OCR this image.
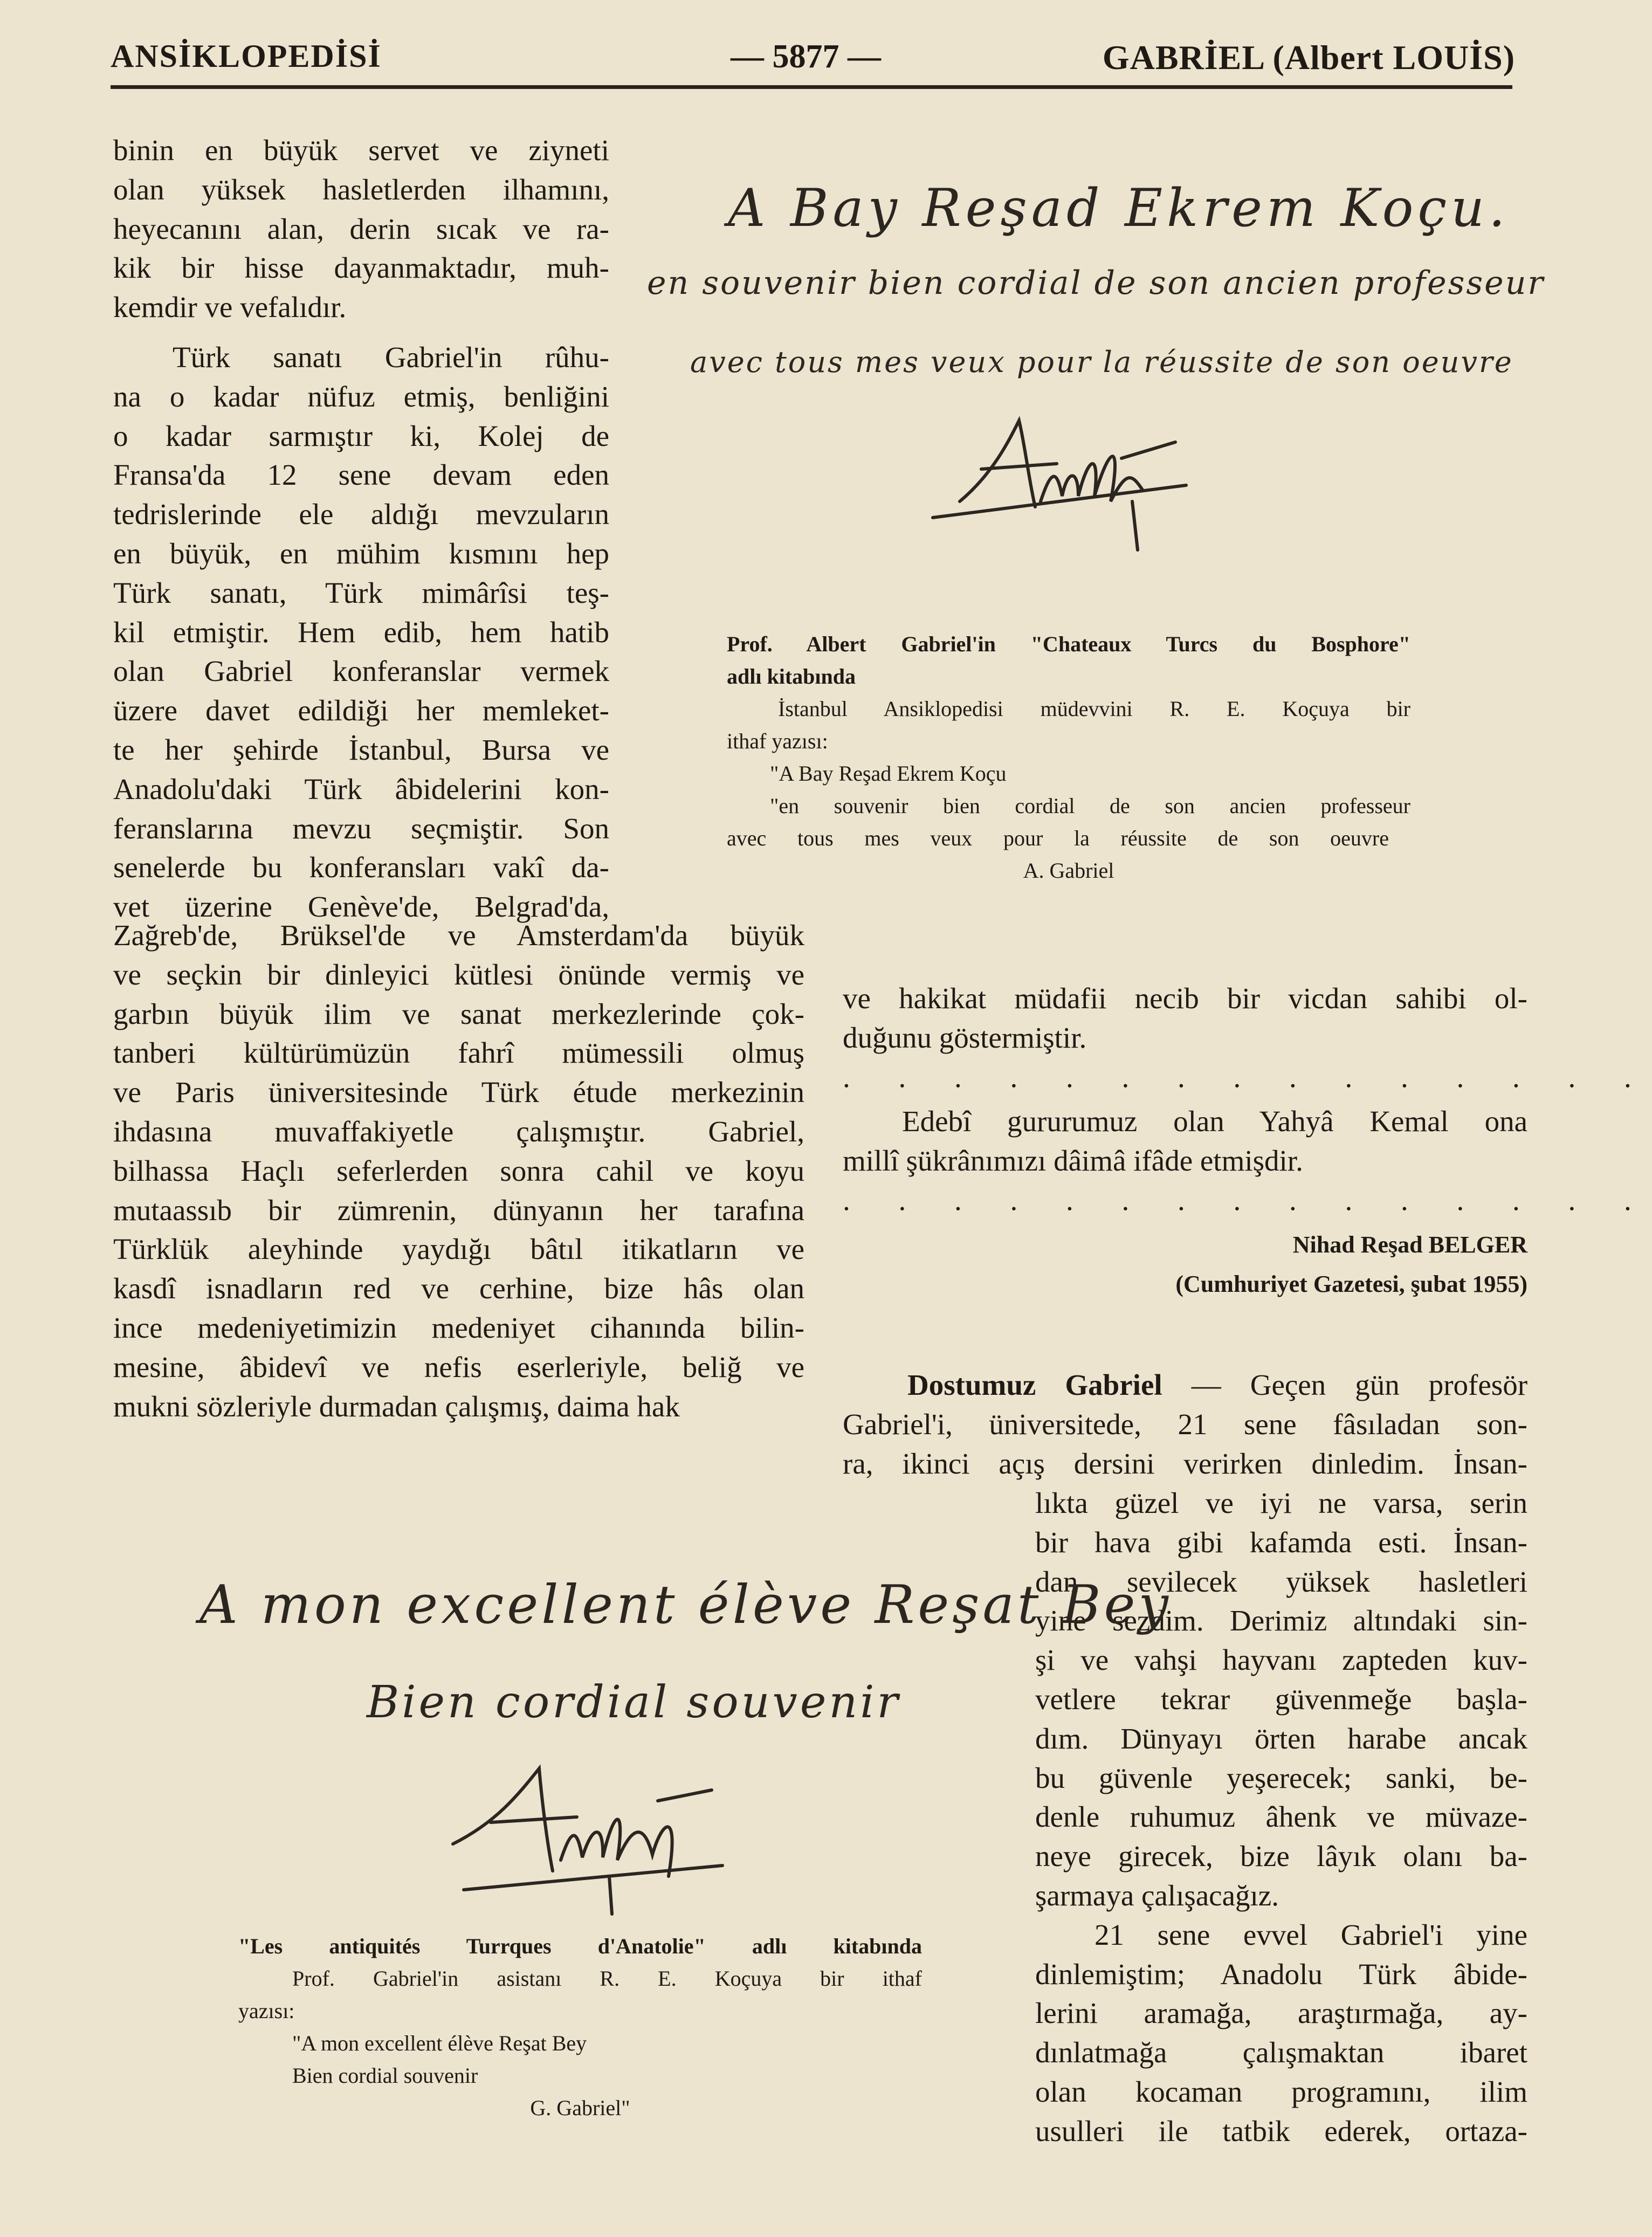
ANSİKLOPEDİSİ	— 5877 —	GABRİEL (Albert LOUİS)
binin en büyük servet ve ziyneti
olan yüksek hasletlerden ilhamını,
heyecanını alan, derin sıcak ve ra-
kik bir hisse dayanmaktadır, muh-
kemdir ve vefalıdır.
Türk sanatı Gabriel'in rûhu-
na o kadar nüfuz etmiş, benliğini
o kadar sarmıştır ki, Kolej de
Fransa'da 12 sene devam eden
tedrislerinde ele aldığı mevzuların
en büyük, en mühim kısmını hep
Türk sanatı, Türk mimârîsi teş-
kil etmiştir. Hem edib, hem hatib
olan Gabriel konferanslar vermek
üzere davet edildiği her memleket-
te her şehirde İstanbul, Bursa ve
Anadolu'daki Türk âbidelerini kon-
feranslarına mevzu seçmiştir. Son
senelerde bu konferansları vakî da-
vet üzerine Genève'de, Belgrad'da,
Zağreb'de, Brüksel'de ve Amsterdam'da büyük
ve seçkin bir dinleyici kütlesi önünde vermiş ve
garbın büyük ilim ve sanat merkezlerinde çok-
tanberi kültürümüzün fahrî mümessili olmuş
ve Paris üniversitesinde Türk étude merkezinin
ihdasına muvaffakiyetle çalışmıştır. Gabriel,
bilhassa Haçlı seferlerden sonra cahil ve koyu
mutaassıb bir zümrenin, dünyanın her tarafına
Türklük aleyhinde yaydığı bâtıl itikatların ve
kasdî isnadların red ve cerhine, bize hâs olan
ince medeniyetimizin medeniyet cihanında bilin-
mesine, âbidevî ve nefis eserleriyle, beliğ ve
mukni sözleriyle durmadan çalışmış, daima hak
A Bay Reşad Ekrem Koçu.
en souvenir bien cordial de son ancien professeur
avec tous mes veux pour la réussite de son oeuvre
Prof. Albert Gabriel'in "Chateaux Turcs du Bosphore"
adlı kitabında
İstanbul Ansiklopedisi müdevvini R. E. Koçuya bir
ithaf yazısı:
"A Bay Reşad Ekrem Koçu
"en souvenir bien cordial de son ancien professeur
avec tous mes veux pour la réussite de son oeuvre
A. Gabriel
ve hakikat müdafii necib bir vicdan sahibi ol-
duğunu göstermiştir.
. . . . . . . . . . . . . . .
Edebî gururumuz olan Yahyâ Kemal ona
millî şükrânımızı dâimâ ifâde etmişdir.
. . . . . . . . . . . . . . .
Nihad Reşad BELGER
(Cumhuriyet Gazetesi, şubat 1955)
Dostumuz Gabriel — Geçen gün profesör
Gabriel'i, üniversitede, 21 sene fâsıladan son-
ra, ikinci açış dersini verirken dinledim. İnsan-
lıkta güzel ve iyi ne varsa, serin
bir hava gibi kafamda esti. İnsan-
dan sevilecek yüksek hasletleri
yine sezdim. Derimiz altındaki sin-
şi ve vahşi hayvanı zapteden kuv-
vetlere tekrar güvenmeğe başla-
dım. Dünyayı örten harabe ancak
bu güvenle yeşerecek; sanki, be-
denle ruhumuz âhenk ve müvaze-
neye girecek, bize lâyık olanı ba-
şarmaya çalışacağız.
21 sene evvel Gabriel'i yine
dinlemiştim; Anadolu Türk âbide-
lerini aramağa, araştırmağa, ay-
dınlatmağa çalışmaktan ibaret
olan kocaman programını, ilim
usulleri ile tatbik ederek, ortaza-
A mon excellent élève Reşat Bey
Bien cordial souvenir
"Les antiquités Turrques d'Anatolie" adlı kitabında
Prof. Gabriel'in asistanı R. E. Koçuya bir ithaf
yazısı:
"A mon excellent élève Reşat Bey
Bien cordial souvenir
G. Gabriel"
